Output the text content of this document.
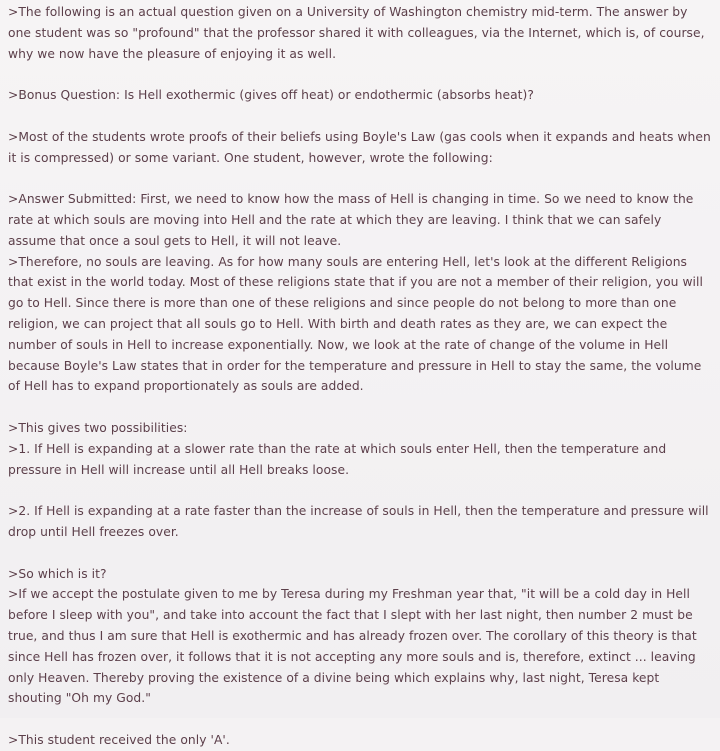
>The following is an actual question given on a University of Washington chemistry mid-term. The answer by one student was so "profound" that the professor shared it with colleagues, via the Internet, which is, of course, why we now have the pleasure of enjoying it as well.

>Bonus Question: Is Hell exothermic (gives off heat) or endothermic (absorbs heat)?

>Most of the students wrote proofs of their beliefs using Boyle's Law (gas cools when it expands and heats when it is compressed) or some variant. One student, however, wrote the following:

>Answer Submitted: First, we need to know how the mass of Hell is changing in time. So we need to know the rate at which souls are moving into Hell and the rate at which they are leaving. I think that we can safely assume that once a soul gets to Hell, it will not leave.

>Therefore, no souls are leaving. As for how many souls are entering Hell, let's look at the different Religions that exist in the world today. Most of these religions state that if you are not a member of their religion, you will go to Hell. Since there is more than one of these religions and since people do not belong to more than one religion, we can project that all souls go to Hell. With birth and death rates as they are, we can expect the number of souls in Hell to increase exponentially. Now, we look at the rate of change of the volume in Hell because Boyle's Law states that in order for the temperature and pressure in Hell to stay the same, the volume of Hell has to expand proportionately as souls are added.

>This gives two possibilities:

>1. If Hell is expanding at a slower rate than the rate at which souls enter Hell, then the temperature and pressure in Hell will increase until all Hell breaks loose.

>2. If Hell is expanding at a rate faster than the increase of souls in Hell, then the temperature and pressure will drop until Hell freezes over.

>So which is it?

>If we accept the postulate given to me by Teresa during my Freshman year that, "it will be a cold day in Hell before I sleep with you", and take into account the fact that I slept with her last night, then number 2 must be true, and thus I am sure that Hell is exothermic and has already frozen over. The corollary of this theory is that since Hell has frozen over, it follows that it is not accepting any more souls and is, therefore, extinct ... leaving only Heaven. Thereby proving the existence of a divine being which explains why, last night, Teresa kept shouting "Oh my God."

>This student received the only 'A'.
